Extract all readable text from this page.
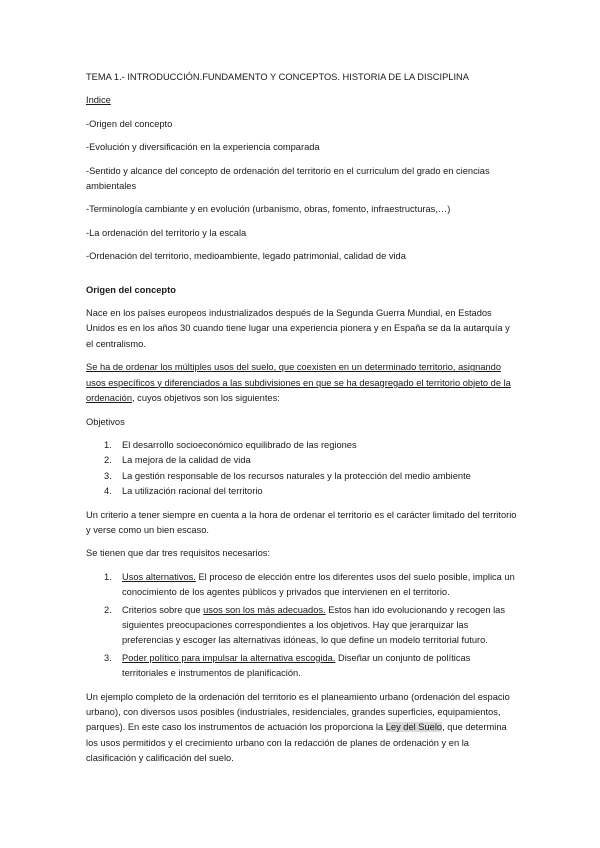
TEMA 1.- INTRODUCCIÓN.FUNDAMENTO Y CONCEPTOS. HISTORIA DE LA DISCIPLINA

Indice

-Origen del concepto

-Evolución y diversificación en la experiencia comparada

-Sentido y alcance del concepto de ordenación del territorio en el curriculum del grado en ciencias ambientales

-Terminología cambiante y en evolución (urbanismo, obras, fomento, infraestructuras,…)

-La ordenación del territorio y la escala

-Ordenación del territorio, medioambiente, legado patrimonial, calidad de vida

Origen del concepto

Nace en los países europeos industrializados después de la Segunda Guerra Mundial, en Estados Unidos es en los años 30 cuando tiene lugar una experiencia pionera y en España se da la autarquía y el centralismo.

Se ha de ordenar los múltiples usos del suelo, que coexisten en un determinado territorio, asignando usos específicos y diferenciados a las subdivisiones en que se ha desagregado el territorio objeto de la ordenación, cuyos objetivos son los siguientes:

Objetivos

1. El desarrollo socioeconómico equilibrado de las regiones
2. La mejora de la calidad de vida
3. La gestión responsable de los recursos naturales y la protección del medio ambiente
4. La utilización racional del territorio

Un criterio a tener siempre en cuenta a la hora de ordenar el territorio es el carácter limitado del territorio y verse como un bien escaso.

Se tienen que dar tres requisitos necesarios:

1. Usos alternativos. El proceso de elección entre los diferentes usos del suelo posible, implica un conocimiento de los agentes públicos y privados que intervienen en el territorio.
2. Criterios sobre que usos son los más adecuados. Estos han ido evolucionando y recogen las siguientes preocupaciones correspondientes a los objetivos. Hay que jerarquizar las preferencias y escoger las alternativas idóneas, lo que define un modelo territorial futuro.
3. Poder político para impulsar la alternativa escogida. Diseñar un conjunto de políticas territoriales e instrumentos de planificación.

Un ejemplo completo de la ordenación del territorio es el planeamiento urbano (ordenación del espacio urbano), con diversos usos posibles (industriales, residenciales, grandes superficies, equipamientos, parques). En este caso los instrumentos de actuación los proporciona la Ley del Suelo, que determina los usos permitidos y el crecimiento urbano con la redacción de planes de ordenación y en la clasificación y calificación del suelo.
